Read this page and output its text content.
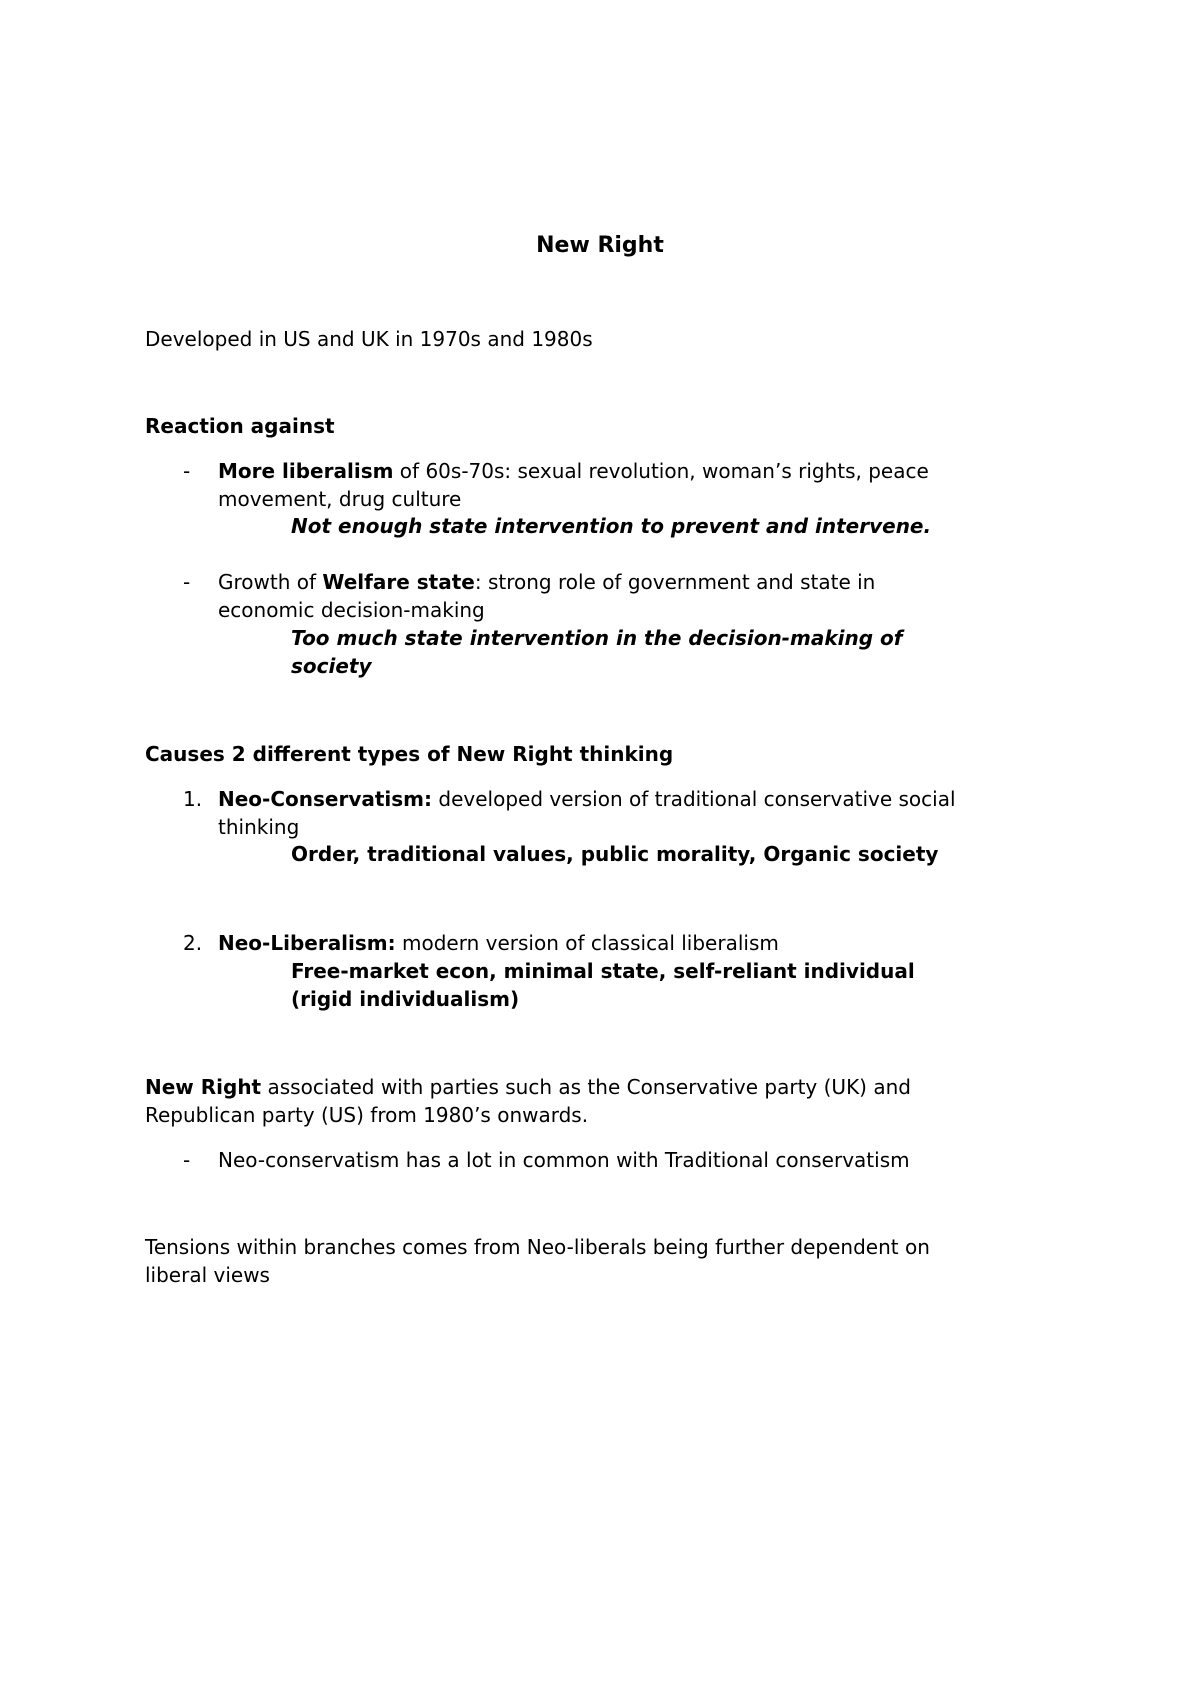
New Right
Developed in US and UK in 1970s and 1980s
Reaction against
-	More liberalism of 60s-70s: sexual revolution, woman’s rights, peace
movement, drug culture
Not enough state intervention to prevent and intervene.
-	Growth of Welfare state: strong role of government and state in
economic decision-making
Too much state intervention in the decision-making of
society
Causes 2 different types of New Right thinking
1. Neo-Conservatism: developed version of traditional conservative social
thinking
Order, traditional values, public morality, Organic society
2. Neo-Liberalism: modern version of classical liberalism
Free-market econ, minimal state, self-reliant individual
(rigid individualism)
New Right associated with parties such as the Conservative party (UK) and
Republican party (US) from 1980’s onwards.
-	Neo-conservatism has a lot in common with Traditional conservatism
Tensions within branches comes from Neo-liberals being further dependent on
liberal views
